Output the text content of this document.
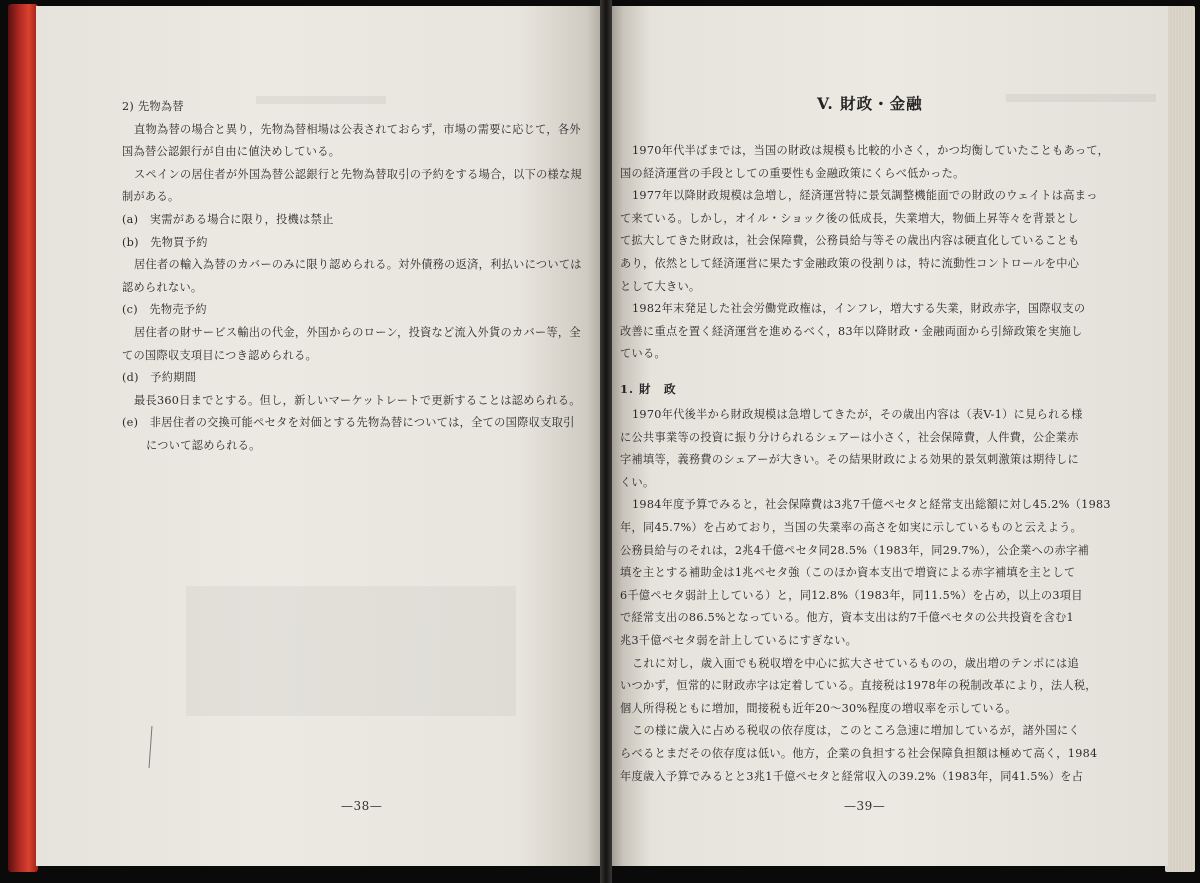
2) 先物為替
直物為替の場合と異り，先物為替相場は公表されておらず，市場の需要に応じて，各外
国為替公認銀行が自由に値決めしている。
スペインの居住者が外国為替公認銀行と先物為替取引の予約をする場合，以下の様な規
制がある。
(a)　実需がある場合に限り，投機は禁止
(b)　先物買予約
居住者の輸入為替のカバーのみに限り認められる。対外債務の返済，利払いについては
認められない。
(c)　先物売予約
居住者の財サービス輸出の代金，外国からのローン，投資など流入外貨のカバー等，全
ての国際収支項目につき認められる。
(d)　予約期間
最長360日までとする。但し，新しいマーケットレートで更新することは認められる。
(e)　非居住者の交換可能ペセタを対価とする先物為替については，全ての国際収支取引
について認められる。
—38—
V. 財政・金融
1970年代半ばまでは，当国の財政は規模も比較的小さく，かつ均衡していたこともあって，
国の経済運営の手段としての重要性も金融政策にくらべ低かった。
1977年以降財政規模は急増し，経済運営特に景気調整機能面での財政のウェイトは高まっ
て来ている。しかし，オイル・ショック後の低成長，失業増大，物価上昇等々を背景とし
て拡大してきた財政は，社会保障費，公務員給与等その歳出内容は硬直化していることも
あり，依然として経済運営に果たす金融政策の役割りは，特に流動性コントロールを中心
として大きい。
1982年末発足した社会労働党政権は，インフレ，増大する失業，財政赤字，国際収支の
改善に重点を置く経済運営を進めるべく，83年以降財政・金融両面から引締政策を実施し
ている。
1. 財　政
1970年代後半から財政規模は急増してきたが，その歳出内容は（表V-1）に見られる様
に公共事業等の投資に振り分けられるシェアーは小さく，社会保障費，人件費，公企業赤
字補填等，義務費のシェアーが大きい。その結果財政による効果的景気刺激策は期待しに
くい。
1984年度予算でみると，社会保障費は3兆7千億ペセタと経常支出総額に対し45.2%（1983
年，同45.7%）を占めており，当国の失業率の高さを如実に示しているものと云えよう。
公務員給与のそれは，2兆4千億ペセタ同28.5%（1983年，同29.7%），公企業への赤字補
填を主とする補助金は1兆ペセタ強（このほか資本支出で増資による赤字補填を主として
6千億ペセタ弱計上している）と，同12.8%（1983年，同11.5%）を占め，以上の3項目
で経常支出の86.5%となっている。他方，資本支出は約7千億ペセタの公共投資を含む1
兆3千億ペセタ弱を計上しているにすぎない。
これに対し，歳入面でも税収増を中心に拡大させているものの，歳出増のテンポには追
いつかず，恒常的に財政赤字は定着している。直接税は1978年の税制改革により，法人税，
個人所得税ともに増加，間接税も近年20～30%程度の増収率を示している。
この様に歳入に占める税収の依存度は，このところ急速に増加しているが，諸外国にく
らべるとまだその依存度は低い。他方，企業の負担する社会保障負担額は極めて高く，1984
年度歳入予算でみるとと3兆1千億ペセタと経常収入の39.2%（1983年，同41.5%）を占
—39—
